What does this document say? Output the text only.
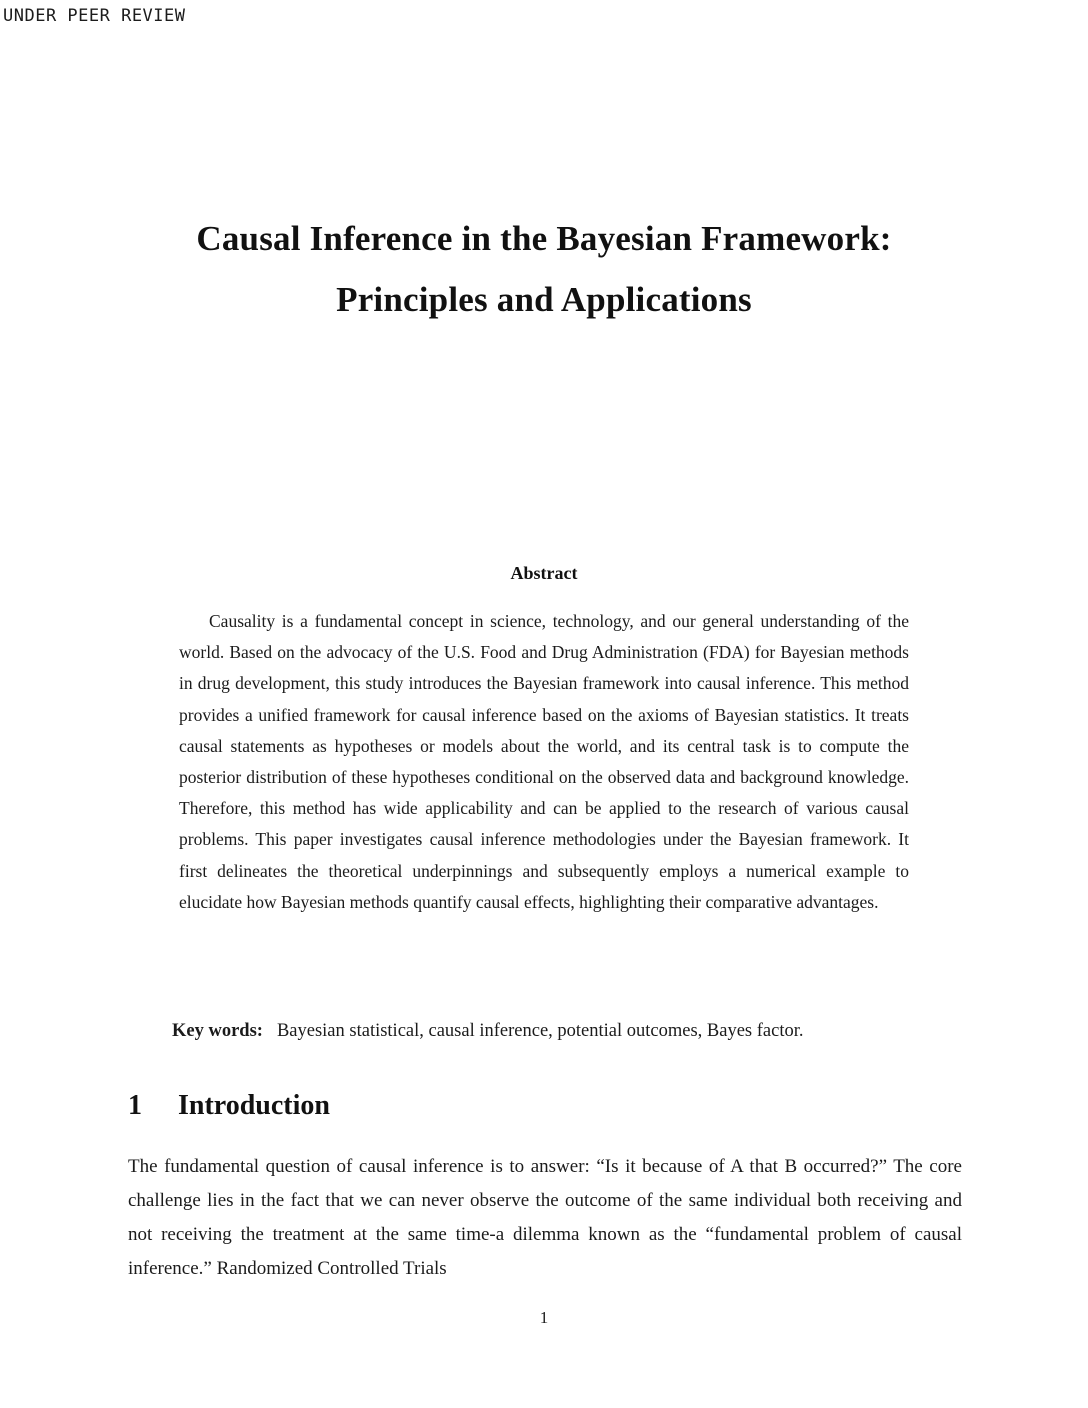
UNDER PEER REVIEW
Causal Inference in the Bayesian Framework:
Principles and Applications
Abstract
Causality is a fundamental concept in science, technology, and our general understanding of the world. Based on the advocacy of the U.S. Food and Drug Administration (FDA) for Bayesian methods in drug development, this study introduces the Bayesian framework into causal inference. This method provides a unified framework for causal inference based on the axioms of Bayesian statistics. It treats causal statements as hypotheses or models about the world, and its central task is to compute the posterior distribution of these hypotheses conditional on the observed data and background knowledge. Therefore, this method has wide applicability and can be applied to the research of various causal problems. This paper investigates causal inference methodologies under the Bayesian framework. It first delineates the theoretical underpinnings and subsequently employs a numerical example to elucidate how Bayesian methods quantify causal effects, highlighting their comparative advantages.
Key words: Bayesian statistical, causal inference, potential outcomes, Bayes factor.
1 Introduction
The fundamental question of causal inference is to answer: “Is it because of A that B occurred?” The core challenge lies in the fact that we can never observe the outcome of the same individual both receiving and not receiving the treatment at the same time-a dilemma known as the “fundamental problem of causal inference.” Randomized Controlled Trials
1
